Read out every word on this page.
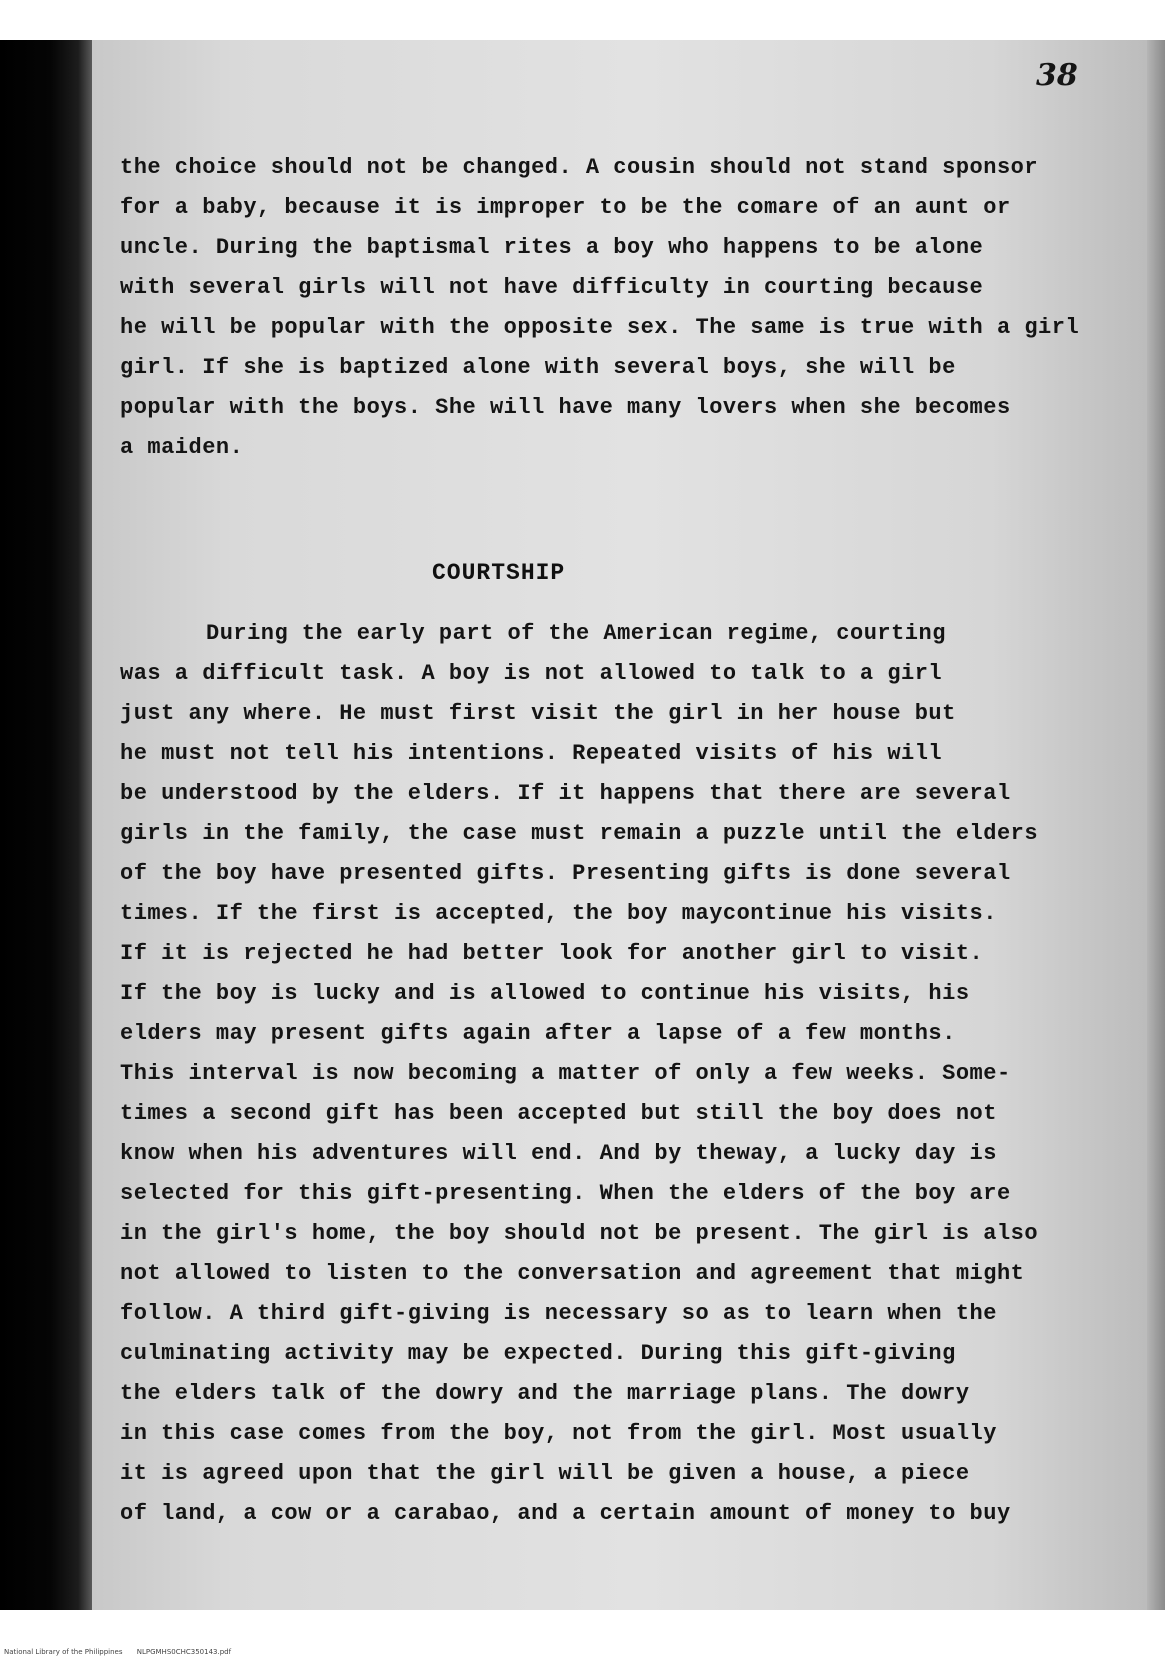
38

the choice should not be changed. A cousin should not stand sponsor
for a baby, because it is improper to be the comare of an aunt or
uncle. During the baptismal rites a boy who happens to be alone
with several girls will not have difficulty in courting because
he will be popular with the opposite sex. The same is true with a girl
girl. If she is baptized alone with several boys, she will be
popular with the boys. She will have many lovers when she becomes
a maiden.

COURTSHIP

During the early part of the American regime, courting
was a difficult task. A boy is not allowed to talk to a girl
just any where. He must first visit the girl in her house but
he must not tell his intentions. Repeated visits of his will
be understood by the elders. If it happens that there are several
girls in the family, the case must remain a puzzle until the elders
of the boy have presented gifts. Presenting gifts is done several
times. If the first is accepted, the boy maycontinue his visits.
If it is rejected he had better look for another girl to visit.
If the boy is lucky and is allowed to continue his visits, his
elders may present gifts again after a lapse of a few months.
This interval is now becoming a matter of only a few weeks. Some-
times a second gift has been accepted but still the boy does not
know when his adventures will end. And by theway, a lucky day is
selected for this gift-presenting. When the elders of the boy are
in the girl's home, the boy should not be present. The girl is also
not allowed to listen to the conversation and agreement that might
follow. A third gift-giving is necessary so as to learn when the
culminating activity may be expected. During this gift-giving
the elders talk of the dowry and the marriage plans. The dowry
in this case comes from the boy, not from the girl. Most usually
it is agreed upon that the girl will be given a house, a piece
of land, a cow or a carabao, and a certain amount of money to buy

National Library of the Philippines NLPGMHS0CHC350143.pdf
